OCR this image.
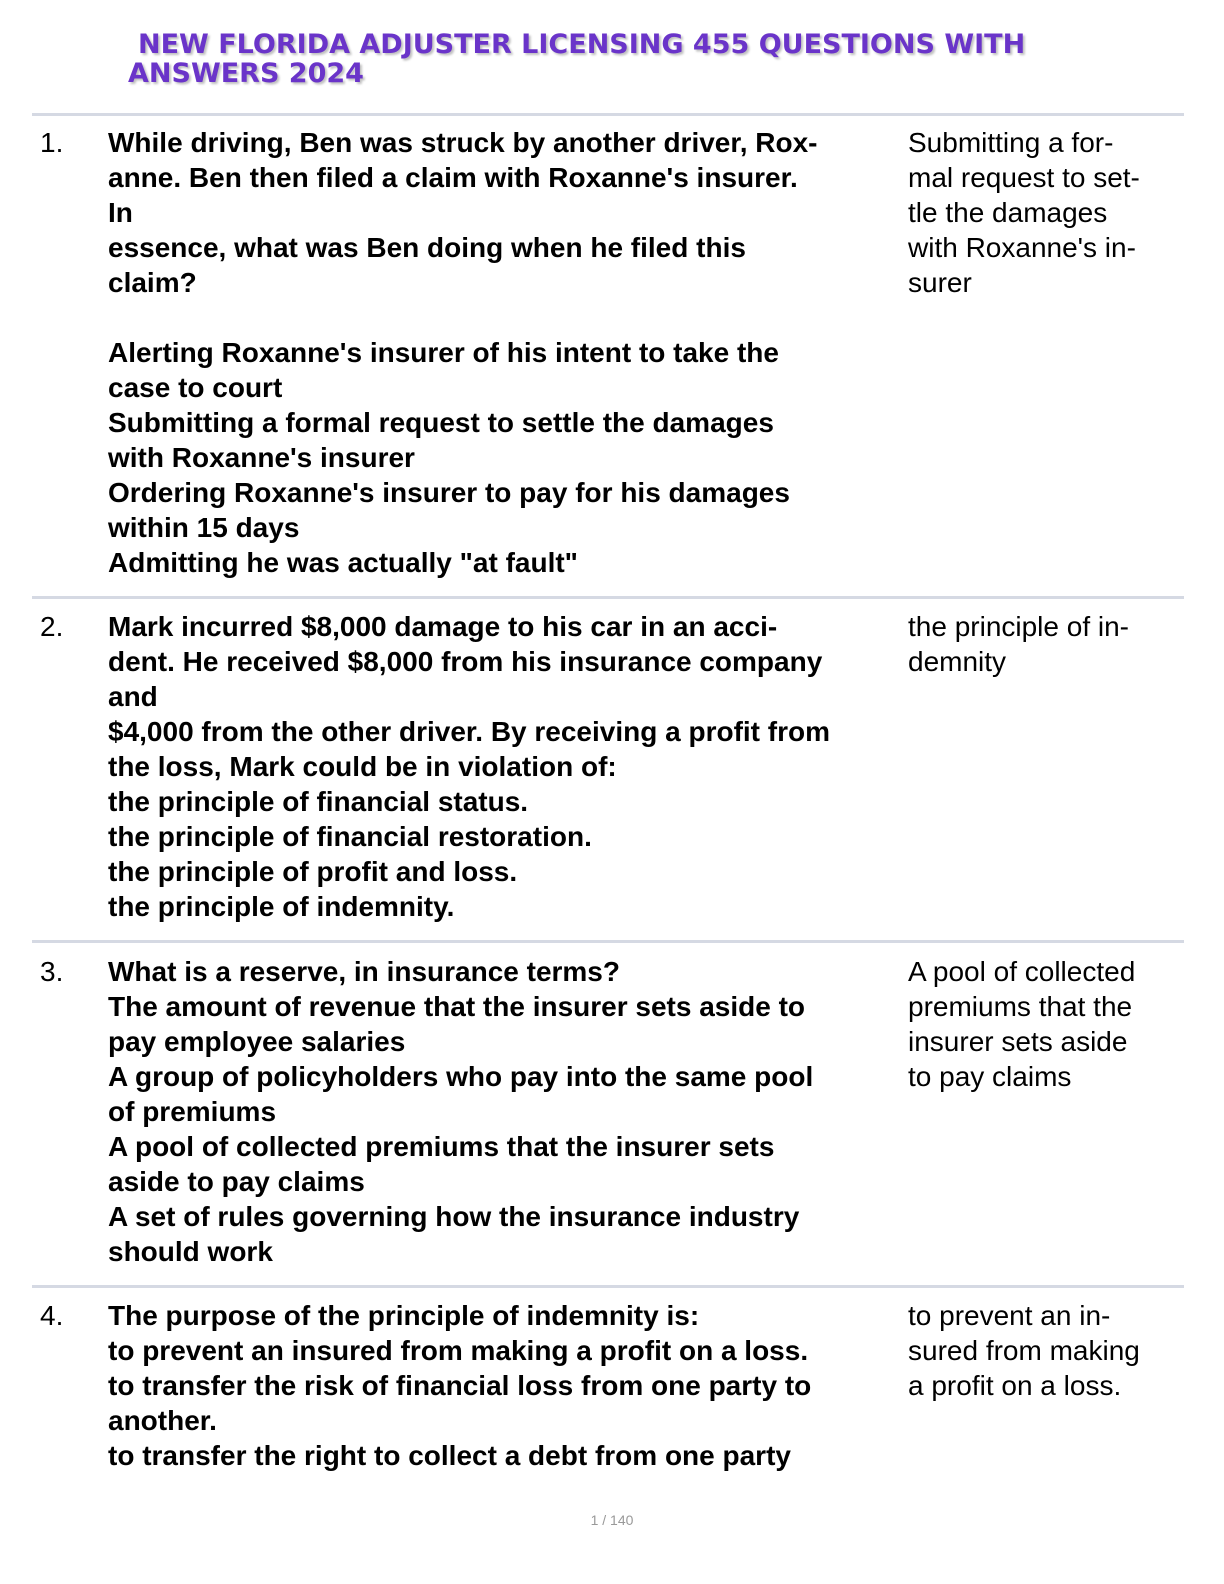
NEW FLORIDA ADJUSTER LICENSING 455 QUESTIONS WITH
ANSWERS 2024
1. While driving, Ben was struck by another driver, Rox-
anne. Ben then filed a claim with Roxanne's insurer.
In
essence, what was Ben doing when he filed this
claim?
Alerting Roxanne's insurer of his intent to take the
case to court
Submitting a formal request to settle the damages
with Roxanne's insurer
Ordering Roxanne's insurer to pay for his damages
within 15 days
Admitting he was actually "at fault"
Submitting a for-
mal request to set-
tle the damages
with Roxanne's in-
surer
2. Mark incurred $8,000 damage to his car in an acci-
dent. He received $8,000 from his insurance company
and
$4,000 from the other driver. By receiving a profit from
the loss, Mark could be in violation of:
the principle of financial status.
the principle of financial restoration.
the principle of profit and loss.
the principle of indemnity.
the principle of in-
demnity
3. What is a reserve, in insurance terms?
The amount of revenue that the insurer sets aside to
pay employee salaries
A group of policyholders who pay into the same pool
of premiums
A pool of collected premiums that the insurer sets
aside to pay claims
A set of rules governing how the insurance industry
should work
A pool of collected
premiums that the
insurer sets aside
to pay claims
4. The purpose of the principle of indemnity is:
to prevent an insured from making a profit on a loss.
to transfer the risk of financial loss from one party to
another.
to transfer the right to collect a debt from one party
to prevent an in-
sured from making
a profit on a loss.
1 / 140
